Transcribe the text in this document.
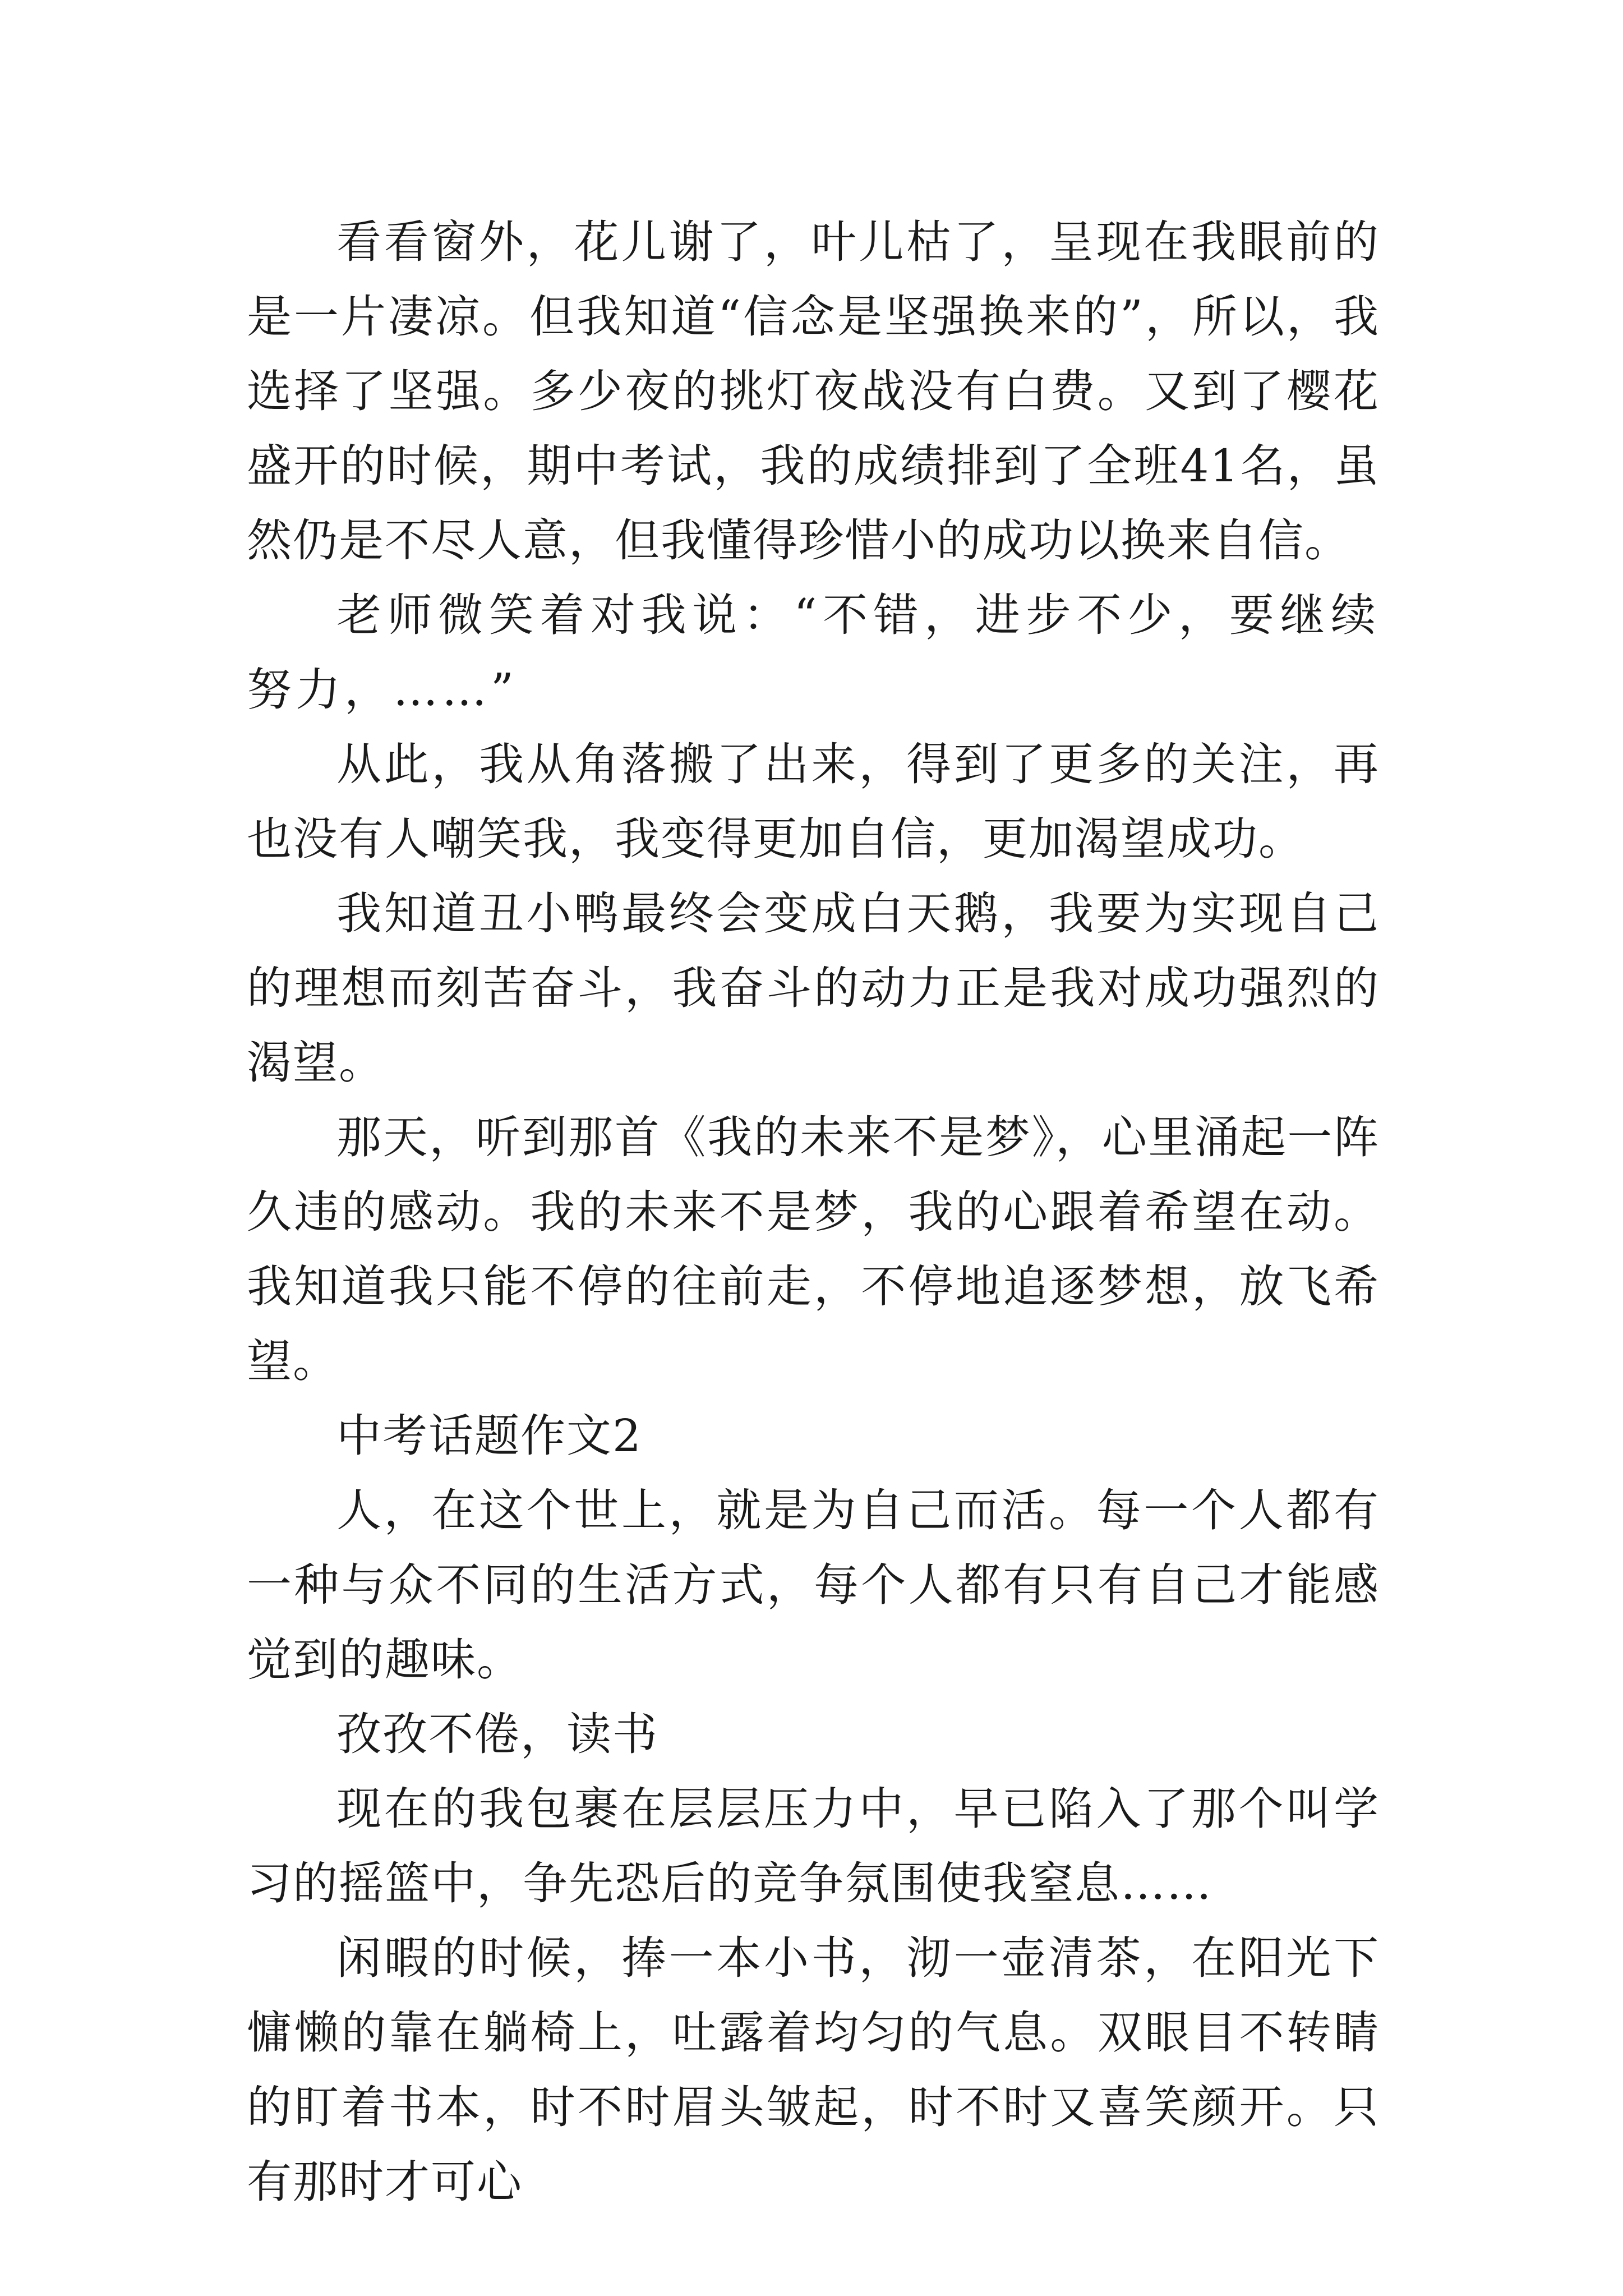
看看窗外，花儿谢了，叶儿枯了，呈现在我眼前的是一片凄凉。但我知道“信念是坚强换来的”，所以，我选择了坚强。多少夜的挑灯夜战没有白费。又到了樱花盛开的时候，期中考试，我的成绩排到了全班41名，虽然仍是不尽人意，但我懂得珍惜小的成功以换来自信。

老师微笑着对我说：“不错，进步不少，要继续努力，……”

从此，我从角落搬了出来，得到了更多的关注，再也没有人嘲笑我，我变得更加自信，更加渴望成功。

我知道丑小鸭最终会变成白天鹅，我要为实现自己的理想而刻苦奋斗，我奋斗的动力正是我对成功强烈的渴望。

那天，听到那首《我的未来不是梦》，心里涌起一阵久违的感动。我的未来不是梦，我的心跟着希望在动。我知道我只能不停的往前走，不停地追逐梦想，放飞希望。

中考话题作文2

人，在这个世上，就是为自己而活。每一个人都有一种与众不同的生活方式，每个人都有只有自己才能感觉到的趣味。

孜孜不倦，读书

现在的我包裹在层层压力中，早已陷入了那个叫学习的摇篮中，争先恐后的竞争氛围使我窒息……

闲暇的时候，捧一本小书，沏一壶清茶，在阳光下慵懒的靠在躺椅上，吐露着均匀的气息。双眼目不转睛的盯着书本，时不时眉头皱起，时不时又喜笑颜开。只有那时才可心
